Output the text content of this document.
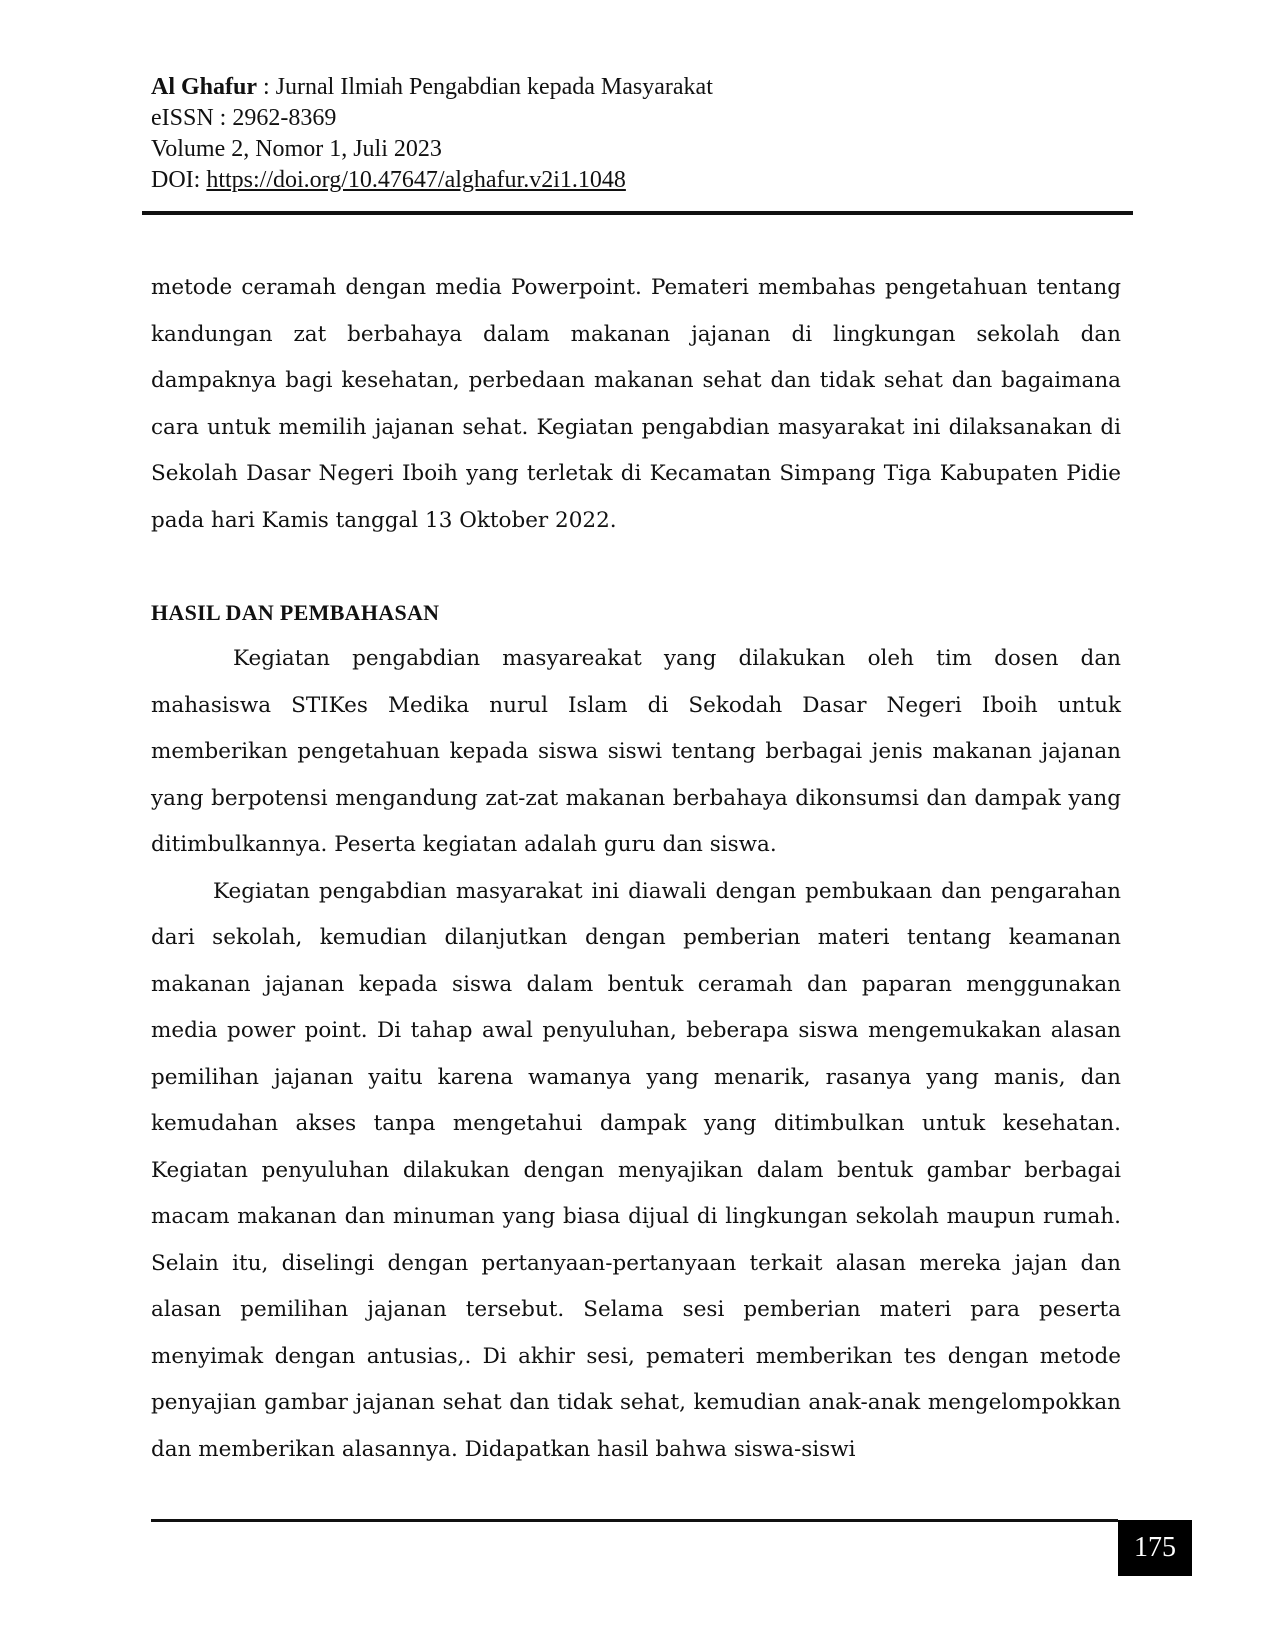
Al Ghafur : Jurnal Ilmiah Pengabdian kepada Masyarakat
eISSN : 2962-8369
Volume 2, Nomor 1, Juli 2023
DOI: https://doi.org/10.47647/alghafur.v2i1.1048

metode ceramah dengan media Powerpoint. Pemateri membahas pengetahuan tentang kandungan zat berbahaya dalam makanan jajanan di lingkungan sekolah dan dampaknya bagi kesehatan, perbedaan makanan sehat dan tidak sehat dan bagaimana cara untuk memilih jajanan sehat. Kegiatan pengabdian masyarakat ini dilaksanakan di Sekolah Dasar Negeri Iboih yang terletak di Kecamatan Simpang Tiga Kabupaten Pidie pada hari Kamis tanggal 13 Oktober 2022.

HASIL DAN PEMBAHASAN

Kegiatan pengabdian masyareakat yang dilakukan oleh tim dosen dan mahasiswa STIKes Medika nurul Islam di Sekodah Dasar Negeri Iboih untuk memberikan pengetahuan kepada siswa siswi tentang berbagai jenis makanan jajanan yang berpotensi mengandung zat-zat makanan berbahaya dikonsumsi dan dampak yang ditimbulkannya. Peserta kegiatan adalah guru dan siswa.

Kegiatan pengabdian masyarakat ini diawali dengan pembukaan dan pengarahan dari sekolah, kemudian dilanjutkan dengan pemberian materi tentang keamanan makanan jajanan kepada siswa dalam bentuk ceramah dan paparan menggunakan media power point. Di tahap awal penyuluhan, beberapa siswa mengemukakan alasan pemilihan jajanan yaitu karena wamanya yang menarik, rasanya yang manis, dan kemudahan akses tanpa mengetahui dampak yang ditimbulkan untuk kesehatan. Kegiatan penyuluhan dilakukan dengan menyajikan dalam bentuk gambar berbagai macam makanan dan minuman yang biasa dijual di lingkungan sekolah maupun rumah. Selain itu, diselingi dengan pertanyaan-pertanyaan terkait alasan mereka jajan dan alasan pemilihan jajanan tersebut. Selama sesi pemberian materi para peserta menyimak dengan antusias,. Di akhir sesi, pemateri memberikan tes dengan metode penyajian gambar jajanan sehat dan tidak sehat, kemudian anak-anak mengelompokkan dan memberikan alasannya. Didapatkan hasil bahwa siswa-siswi

175
